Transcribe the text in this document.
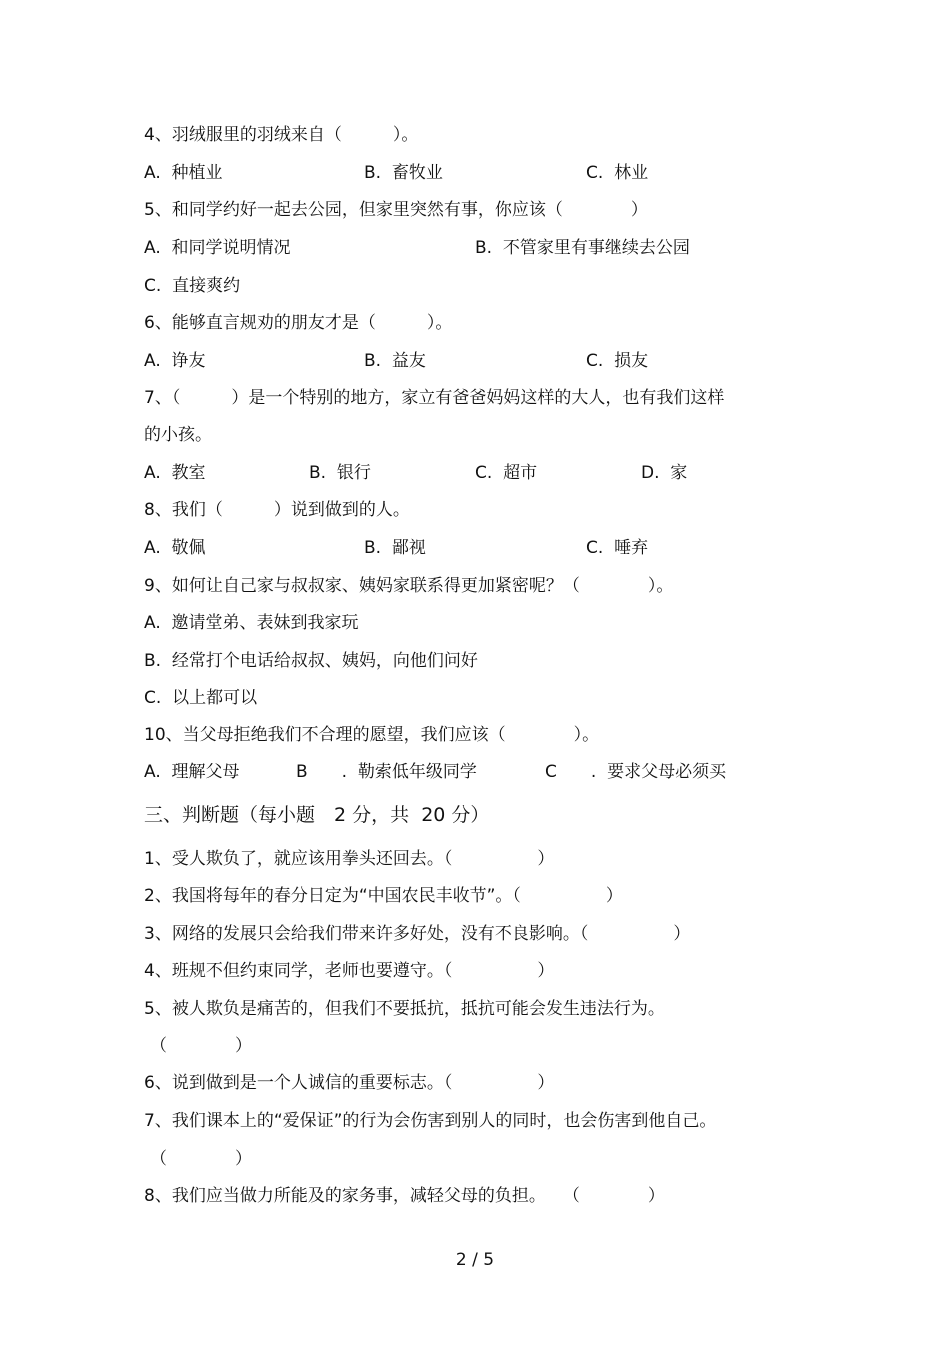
4、羽绒服里的羽绒来自（　　　）。
A.  种植业	B.  畜牧业	C.  林业
5、和同学约好一起去公园，但家里突然有事，你应该（　　　　）
A.  和同学说明情况	B.  不管家里有事继续去公园
C.  直接爽约
6、能够直言规劝的朋友才是（　　　）。
A.  诤友	B.  益友	C.  损友
7、（　　　）是一个特别的地方，家立有爸爸妈妈这样的大人，也有我们这样
的小孩。
A.  教室	B.  银行	C.  超市	D.  家
8、我们（　　　）说到做到的人。
A.  敬佩	B.  鄙视	C.  唾弃
9、如何让自己家与叔叔家、姨妈家联系得更加紧密呢？（　　　　）。
A.  邀请堂弟、表妹到我家玩
B.  经常打个电话给叔叔、姨妈，向他们问好
C.  以上都可以
10、当父母拒绝我们不合理的愿望，我们应该（　　　　）。
A.  理解父母	B　　.  勒索低年级同学	C　　.  要求父母必须买
三、判断题（每小题　2 分，共  20 分）
1、受人欺负了，就应该用拳头还回去。（　　　　　）
2、我国将每年的春分日定为“中国农民丰收节”。（　　　　　）
3、网络的发展只会给我们带来许多好处，没有不良影响。（　　　　　）
4、班规不但约束同学，老师也要遵守。（　　　　　）
5、被人欺负是痛苦的，但我们不要抵抗，抵抗可能会发生违法行为。
（　　　　）
6、说到做到是一个人诚信的重要标志。（　　　　　）
7、我们课本上的“爱保证”的行为会伤害到别人的同时，也会伤害到他自己。
（　　　　）
8、我们应当做力所能及的家务事，减轻父母的负担。　　（　　　　）
2 / 5
